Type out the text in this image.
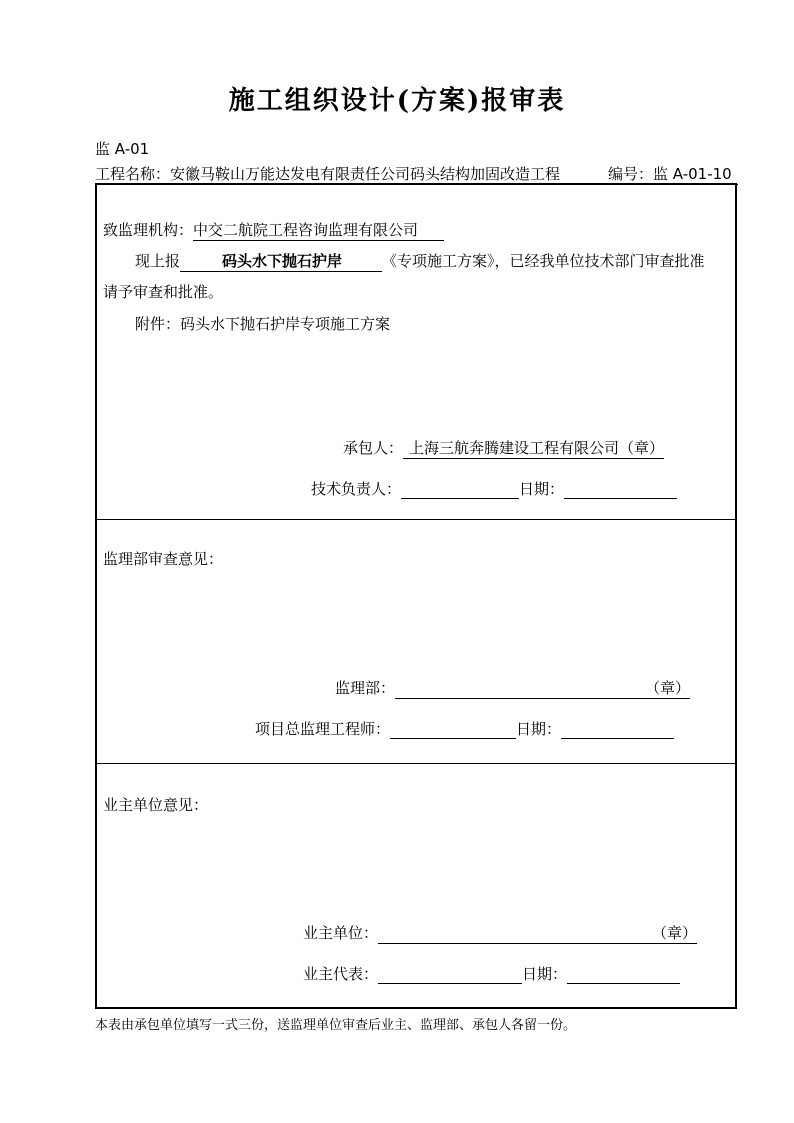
施工组织设计(方案)报审表
监 A-01
工程名称：安徽马鞍山万能达发电有限责任公司码头结构加固改造工程	编号：监 A-01-10
致监理机构：中交二航院工程咨询监理有限公司
现上报	码头水下抛石护岸	《专项施工方案》，已经我单位技术部门审查批准
请予审查和批准。
附件：码头水下抛石护岸专项施工方案
承包人： 上海三航奔腾建设工程有限公司（章）
技术负责人：	日期：
监理部审查意见：
监理部：	（章）
项目总监理工程师：	日期：
业主单位意见：
业主单位：	（章）
业主代表：	日期：
本表由承包单位填写一式三份，送监理单位审查后业主、监理部、承包人各留一份。
